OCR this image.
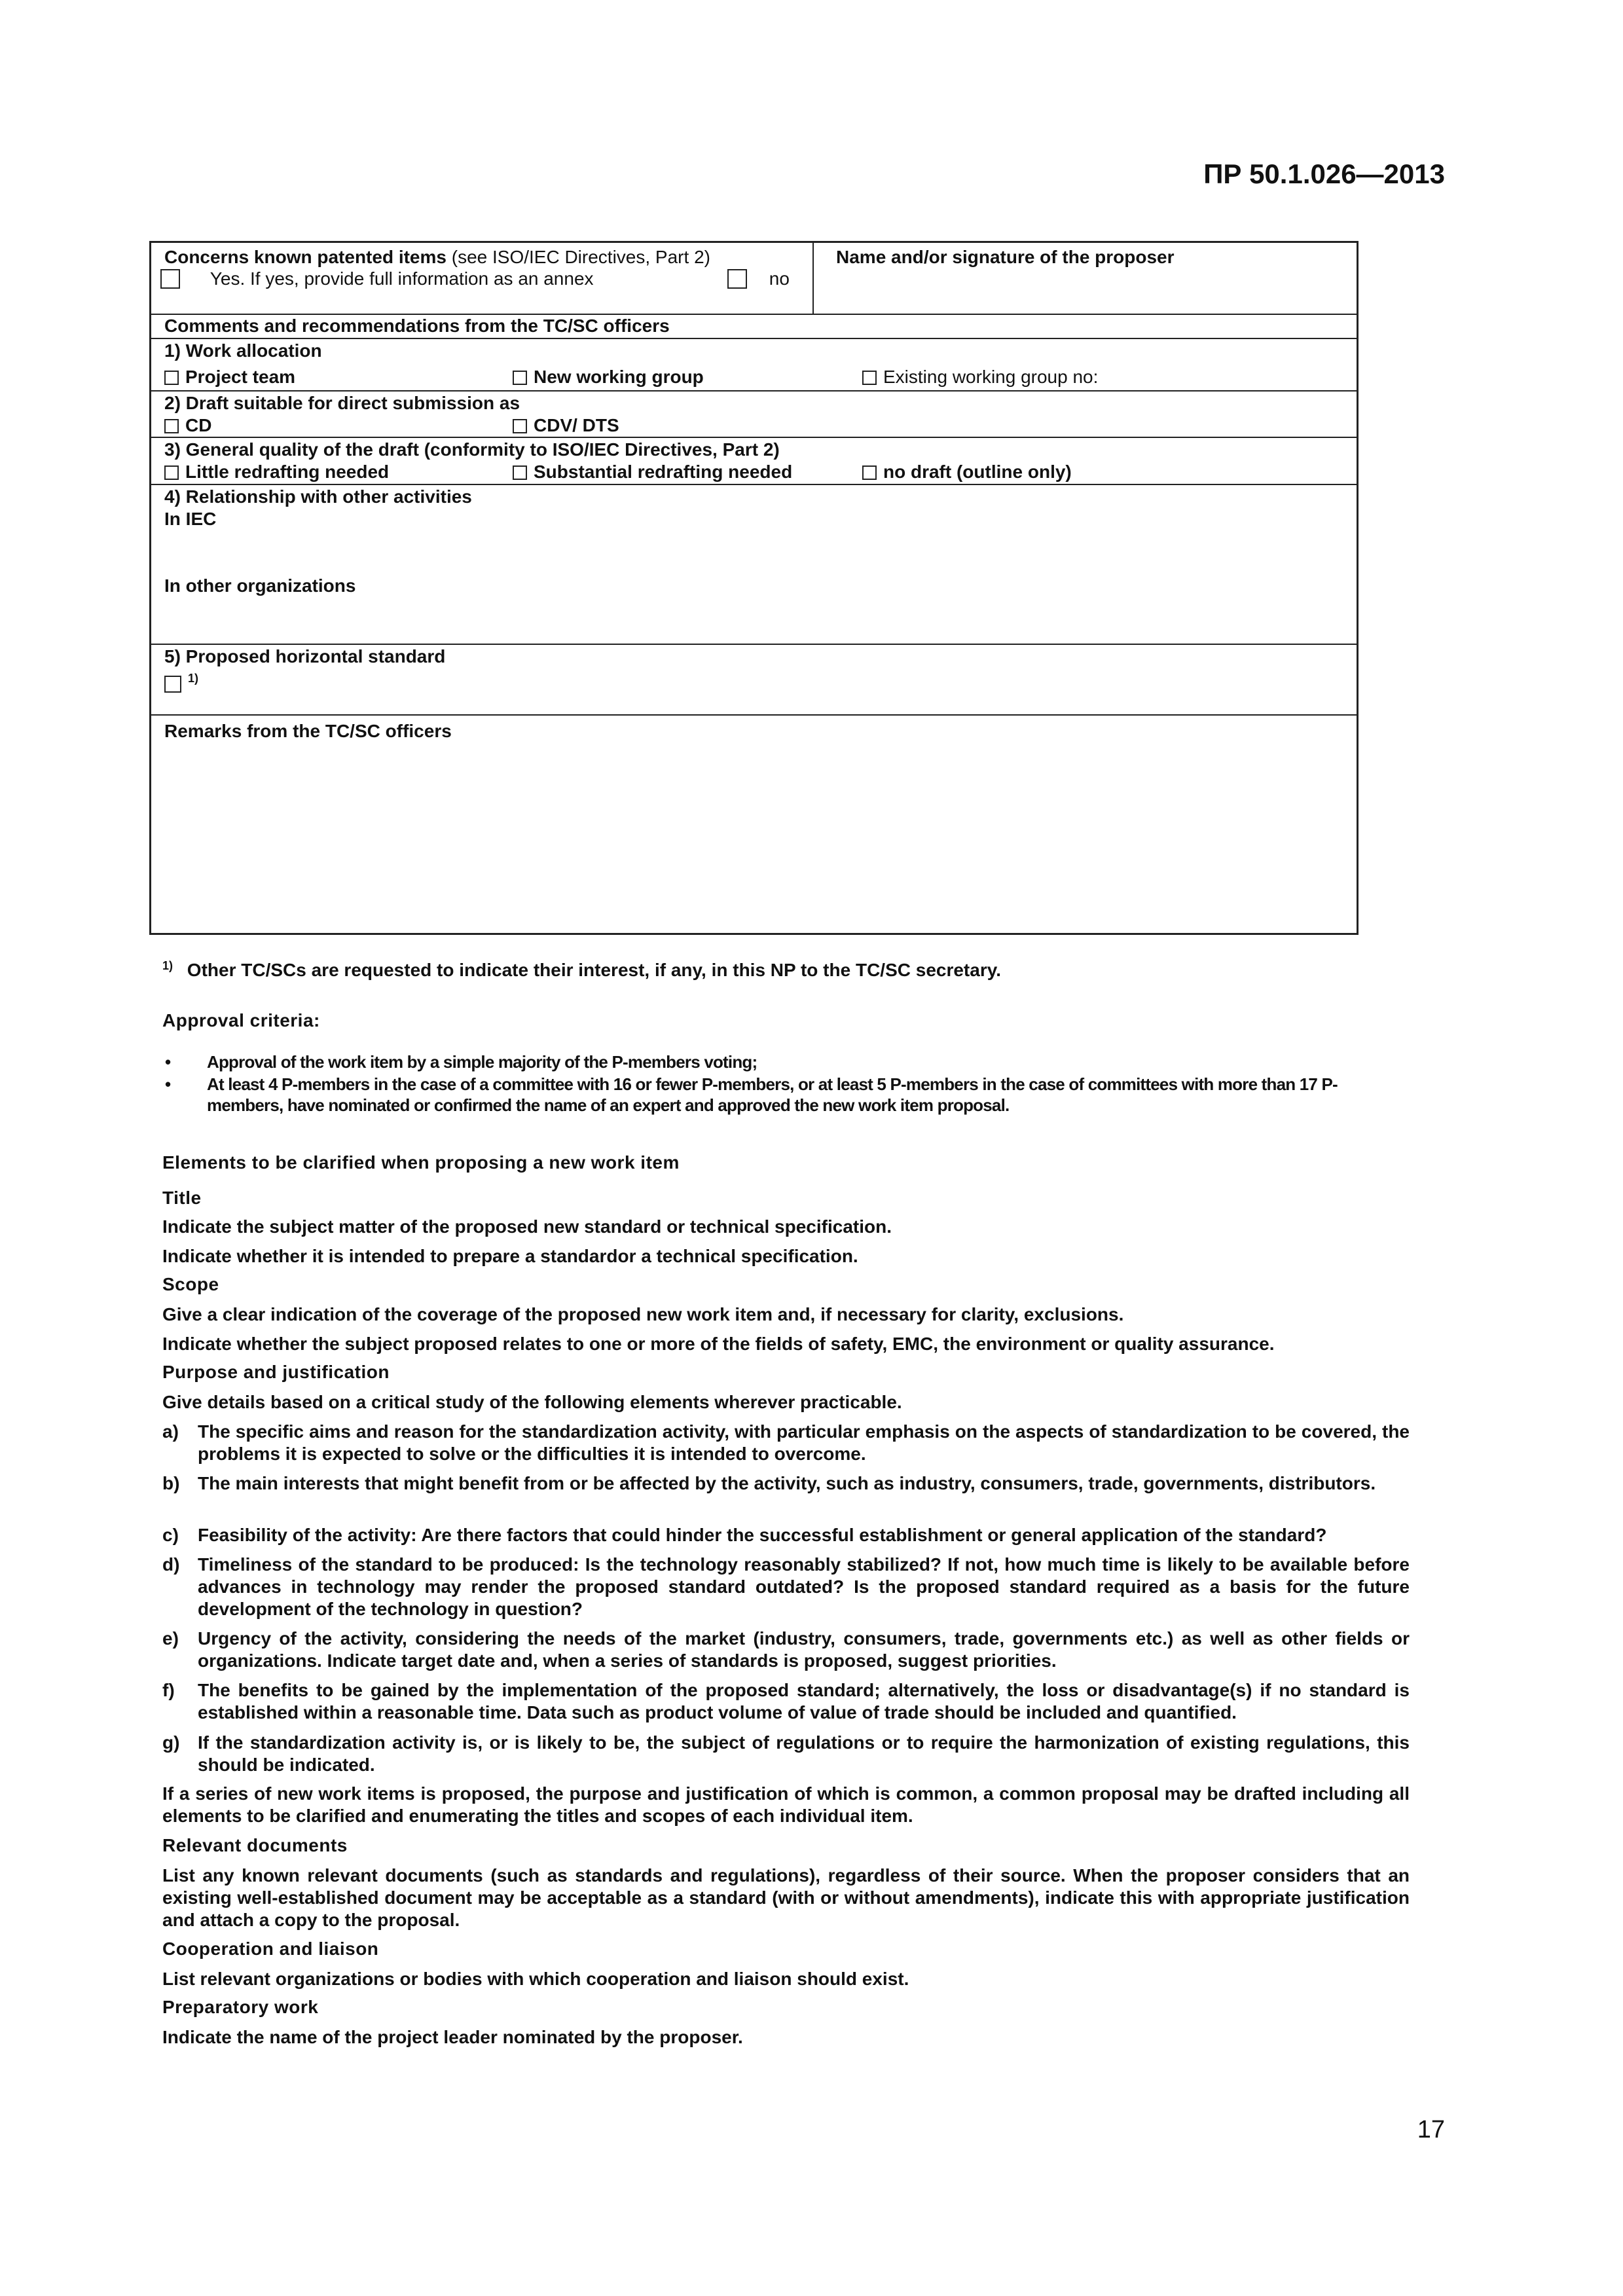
ПР 50.1.026—2013
Concerns known patented items (see ISO/IEC Directives, Part 2)
Yes. If yes, provide full information as an annex	no
Name and/or signature of the proposer
Comments and recommendations from the TC/SC officers
1) Work allocation
Project team	New working group	Existing working group no:
2) Draft suitable for direct submission as
CD	CDV/ DTS
3) General quality of the draft (conformity to ISO/IEC Directives, Part 2)
Little redrafting needed	Substantial redrafting needed	no draft (outline only)
4) Relationship with other activities
In IEC
In other organizations
5) Proposed horizontal standard
$^{1)}$
Remarks from the TC/SC officers
$^{1)}$ Other TC/SCs are requested to indicate their interest, if any, in this NP to the TC/SC secretary.
Approval criteria:
• Approval of the work item by a simple majority of the P-members voting;
• At least 4 P-members in the case of a committee with 16 or fewer P-members, or at least 5 P-members in the case of committees with more than 17 P-members, have nominated or confirmed the name of an expert and approved the new work item proposal.
Elements to be clarified when proposing a new work item
Title
Indicate the subject matter of the proposed new standard or technical specification.
Indicate whether it is intended to prepare a standardor a technical specification.
Scope
Give a clear indication of the coverage of the proposed new work item and, if necessary for clarity, exclusions.
Indicate whether the subject proposed relates to one or more of the fields of safety, EMC, the environment or quality assurance.
Purpose and justification
Give details based on a critical study of the following elements wherever practicable.
a) The specific aims and reason for the standardization activity, with particular emphasis on the aspects of standardization to be covered, the problems it is expected to solve or the difficulties it is intended to overcome.
b) The main interests that might benefit from or be affected by the activity, such as industry, consumers, trade, governments, distributors.
c) Feasibility of the activity: Are there factors that could hinder the successful establishment or general application of the standard?
d) Timeliness of the standard to be produced: Is the technology reasonably stabilized? If not, how much time is likely to be available before advances in technology may render the proposed standard outdated? Is the proposed standard required as a basis for the future development of the technology in question?
e) Urgency of the activity, considering the needs of the market (industry, consumers, trade, governments etc.) as well as other fields or organizations. Indicate target date and, when a series of standards is proposed, suggest priorities.
f) The benefits to be gained by the implementation of the proposed standard; alternatively, the loss or disadvantage(s) if no standard is established within a reasonable time. Data such as product volume of value of trade should be included and quantified.
g) If the standardization activity is, or is likely to be, the subject of regulations or to require the harmonization of existing regulations, this should be indicated.
If a series of new work items is proposed, the purpose and justification of which is common, a common proposal may be drafted including all elements to be clarified and enumerating the titles and scopes of each individual item.
Relevant documents
List any known relevant documents (such as standards and regulations), regardless of their source. When the proposer considers that an existing well-established document may be acceptable as a standard (with or without amendments), indicate this with appropriate justification and attach a copy to the proposal.
Cooperation and liaison
List relevant organizations or bodies with which cooperation and liaison should exist.
Preparatory work
Indicate the name of the project leader nominated by the proposer.
17
